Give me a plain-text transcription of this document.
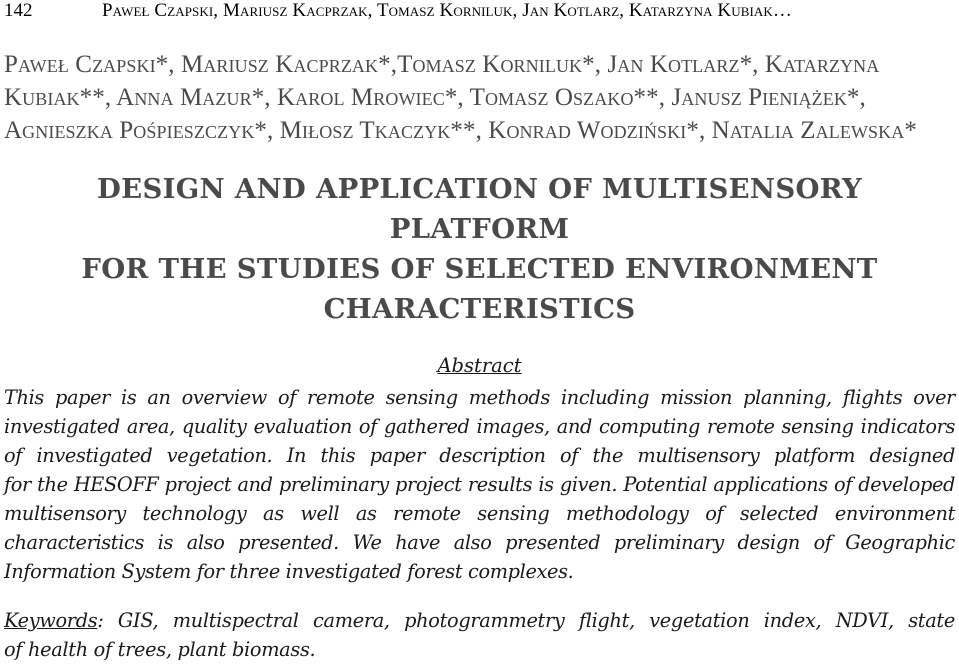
142	Paweł Czapski, Mariusz Kacprzak, Tomasz Korniluk, Jan Kotlarz, Katarzyna Kubiak…
Paweł Czapski*, Mariusz Kacprzak*,Tomasz Korniluk*, Jan Kotlarz*, Katarzyna
Kubiak**, Anna Mazur*, Karol Mrowiec*, Tomasz Oszako**, Janusz Pieniążek*,
Agnieszka Pośpieszczyk*, Miłosz Tkaczyk**, Konrad Wodziński*, Natalia Zalewska*
DESIGN AND APPLICATION OF MULTISENSORY PLATFORM
FOR THE STUDIES OF SELECTED ENVIRONMENT
CHARACTERISTICS
Abstract
This paper is an overview of remote sensing methods including mission planning, flights over
investigated area, quality evaluation of gathered images, and computing remote sensing indicators
of investigated vegetation. In this paper description of the multisensory platform designed
for the HESOFF project and preliminary project results is given. Potential applications of developed
multisensory technology as well as remote sensing methodology of selected environment
characteristics is also presented. We have also presented preliminary design of Geographic
Information System for three investigated forest complexes.
Keywords: GIS, multispectral camera, photogrammetry flight, vegetation index, NDVI, state
of health of trees, plant biomass.
